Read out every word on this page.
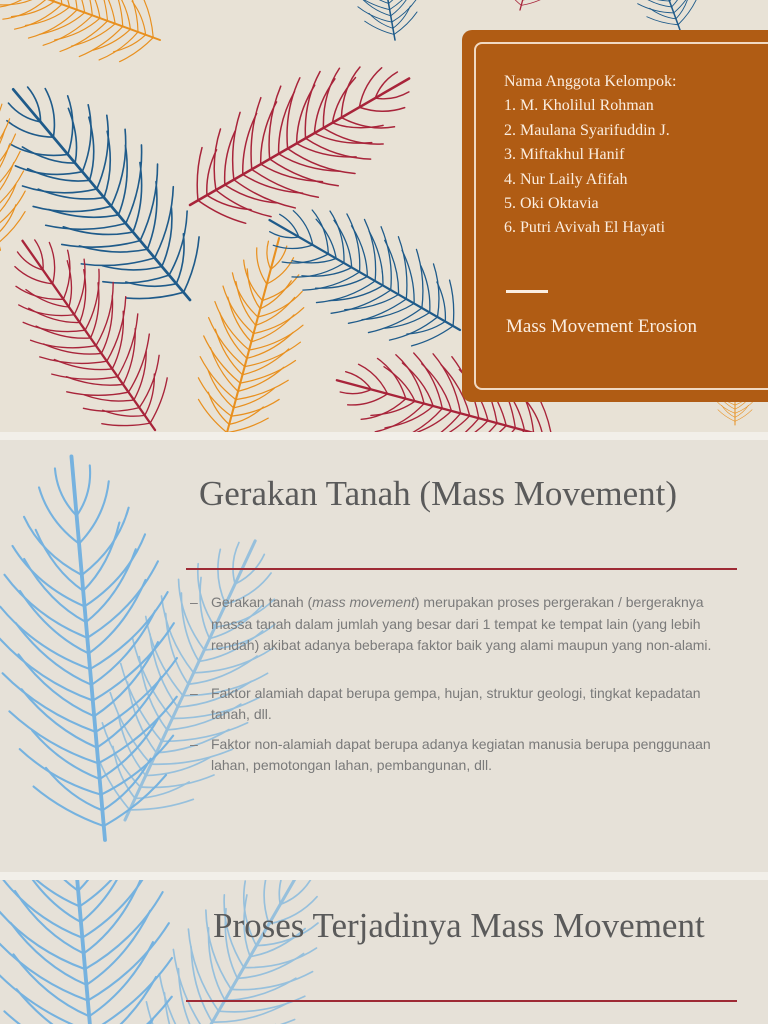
Nama Anggota Kelompok:
1. M. Kholilul Rohman
2. Maulana Syarifuddin J.
3. Miftakhul Hanif
4. Nur Laily Afifah
5. Oki Oktavia
6. Putri Avivah El Hayati
Mass Movement Erosion
Gerakan Tanah (Mass Movement)
– Gerakan tanah (mass movement) merupakan proses pergerakan / bergeraknya massa tanah dalam jumlah yang besar dari 1 tempat ke tempat lain (yang lebih rendah) akibat adanya beberapa faktor baik yang alami maupun yang non-alami.
– Faktor alamiah dapat berupa gempa, hujan, struktur geologi, tingkat kepadatan tanah, dll.
– Faktor non-alamiah dapat berupa adanya kegiatan manusia berupa penggunaan lahan, pemotongan lahan, pembangunan, dll.
Proses Terjadinya Mass Movement
